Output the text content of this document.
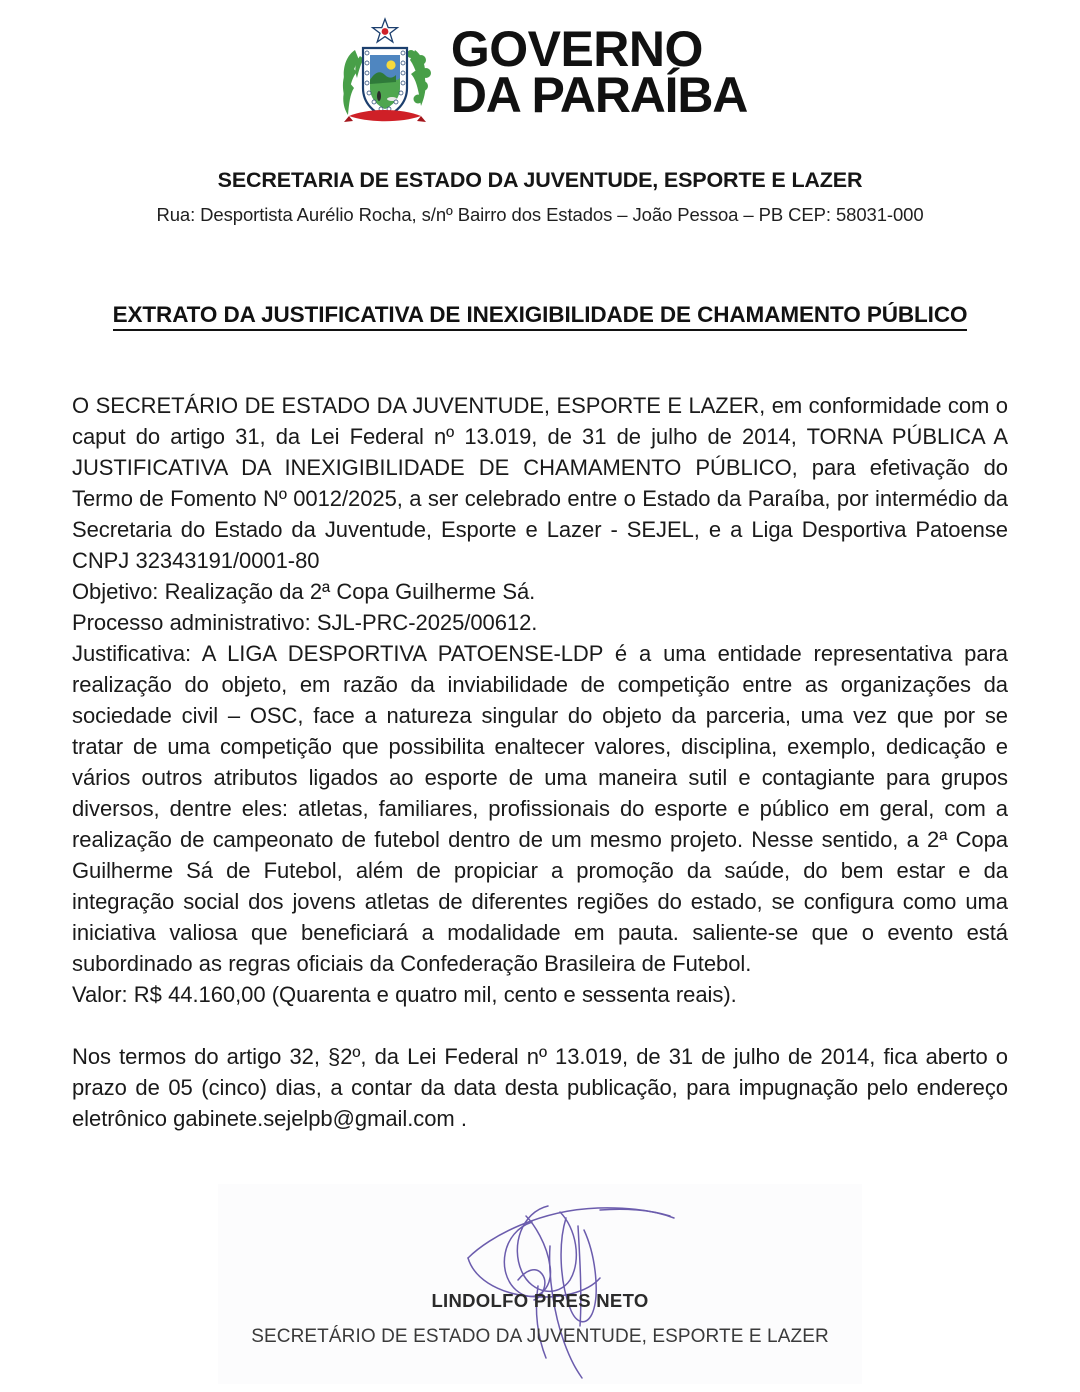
GOVERNO
DA PARAÍBA
SECRETARIA DE ESTADO DA JUVENTUDE, ESPORTE E LAZER
Rua: Desportista Aurélio Rocha, s/nº Bairro dos Estados – João Pessoa – PB CEP: 58031-000
EXTRATO DA JUSTIFICATIVA DE INEXIGIBILIDADE DE CHAMAMENTO PÚBLICO

O SECRETÁRIO DE ESTADO DA JUVENTUDE, ESPORTE E LAZER, em conformidade com o caput do artigo 31, da Lei Federal nº 13.019, de 31 de julho de 2014, TORNA PÚBLICA A JUSTIFICATIVA DA INEXIGIBILIDADE DE CHAMAMENTO PÚBLICO, para efetivação do Termo de Fomento Nº 0012/2025, a ser celebrado entre o Estado da Paraíba, por intermédio da Secretaria do Estado da Juventude, Esporte e Lazer - SEJEL, e a Liga Desportiva Patoense CNPJ 32343191/0001-80

Objetivo: Realização da 2ª Copa Guilherme Sá.

Processo administrativo: SJL-PRC-2025/00612.

Justificativa: A LIGA DESPORTIVA PATOENSE-LDP é a uma entidade representativa para realização do objeto, em razão da inviabilidade de competição entre as organizações da sociedade civil – OSC, face a natureza singular do objeto da parceria, uma vez que por se tratar de uma competição que possibilita enaltecer valores, disciplina, exemplo, dedicação e vários outros atributos ligados ao esporte de uma maneira sutil e contagiante para grupos diversos, dentre eles: atletas, familiares, profissionais do esporte e público em geral, com a realização de campeonato de futebol dentro de um mesmo projeto. Nesse sentido, a 2ª Copa Guilherme Sá de Futebol, além de propiciar a promoção da saúde, do bem estar e da integração social dos jovens atletas de diferentes regiões do estado, se configura como uma iniciativa valiosa que beneficiará a modalidade em pauta. saliente-se que o evento está subordinado as regras oficiais da Confederação Brasileira de Futebol.

Valor: R$ 44.160,00 (Quarenta e quatro mil, cento e sessenta reais).

Nos termos do artigo 32, §2º, da Lei Federal nº 13.019, de 31 de julho de 2014, fica aberto o prazo de 05 (cinco) dias, a contar da data desta publicação, para impugnação pelo endereço eletrônico gabinete.sejelpb@gmail.com .

LINDOLFO PIRES NETO
SECRETÁRIO DE ESTADO DA JUVENTUDE, ESPORTE E LAZER
